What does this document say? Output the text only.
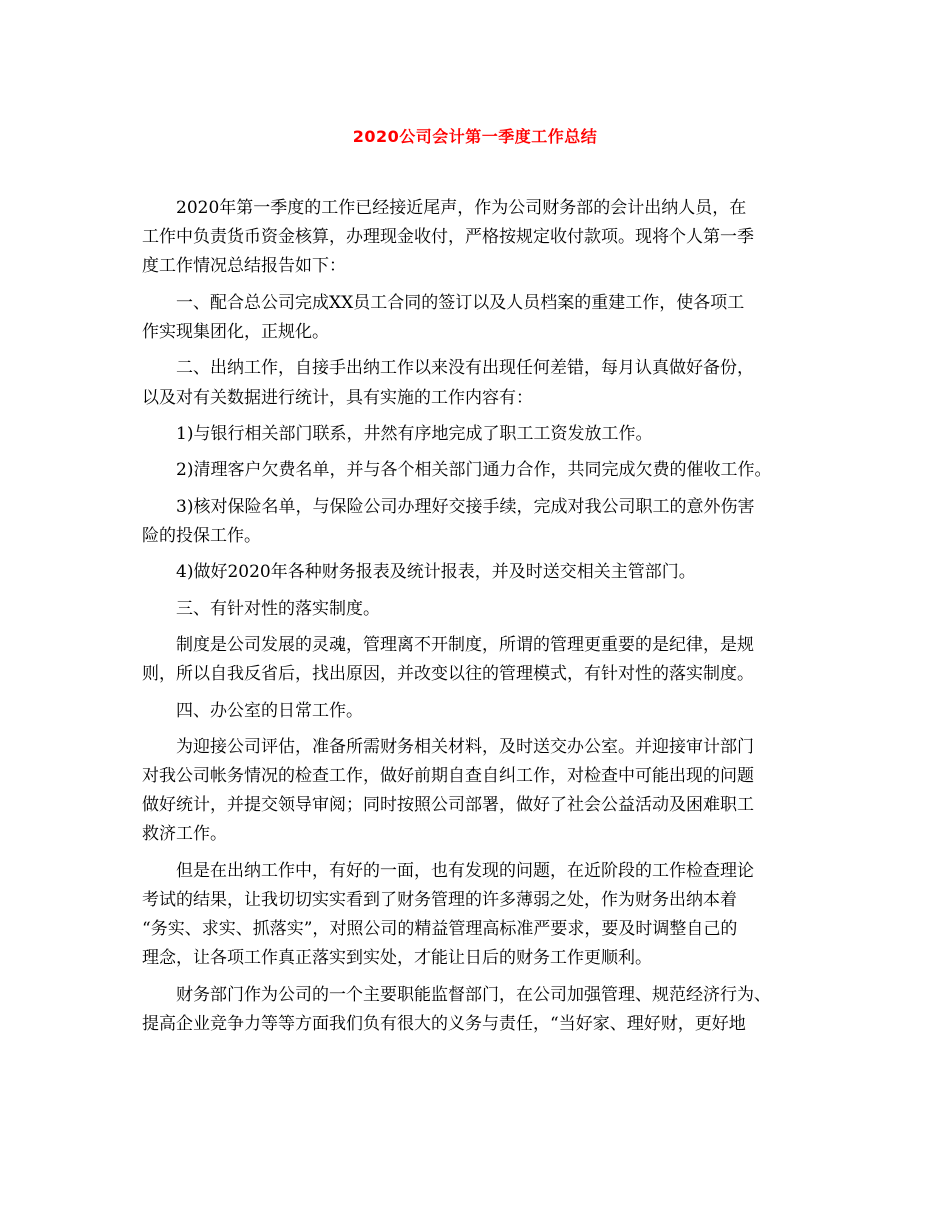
2020公司会计第一季度工作总结
2020年第一季度的工作已经接近尾声，作为公司财务部的会计出纳人员，在
工作中负责货币资金核算，办理现金收付，严格按规定收付款项。现将个人第一季
度工作情况总结报告如下：
一、配合总公司完成XX员工合同的签订以及人员档案的重建工作，使各项工
作实现集团化，正规化。
二、出纳工作，自接手出纳工作以来没有出现任何差错，每月认真做好备份，
以及对有关数据进行统计，具有实施的工作内容有：
1)与银行相关部门联系，井然有序地完成了职工工资发放工作。
2)清理客户欠费名单，并与各个相关部门通力合作，共同完成欠费的催收工作。
3)核对保险名单，与保险公司办理好交接手续，完成对我公司职工的意外伤害
险的投保工作。
4)做好2020年各种财务报表及统计报表，并及时送交相关主管部门。
三、有针对性的落实制度。
制度是公司发展的灵魂，管理离不开制度，所谓的管理更重要的是纪律，是规
则，所以自我反省后，找出原因，并改变以往的管理模式，有针对性的落实制度。
四、办公室的日常工作。
为迎接公司评估，准备所需财务相关材料，及时送交办公室。并迎接审计部门
对我公司帐务情况的检查工作，做好前期自查自纠工作，对检查中可能出现的问题
做好统计，并提交领导审阅；同时按照公司部署，做好了社会公益活动及困难职工
救济工作。
但是在出纳工作中，有好的一面，也有发现的问题，在近阶段的工作检查理论
考试的结果，让我切切实实看到了财务管理的许多薄弱之处，作为财务出纳本着
“务实、求实、抓落实”，对照公司的精益管理高标准严要求，要及时调整自己的
理念，让各项工作真正落实到实处，才能让日后的财务工作更顺利。
财务部门作为公司的一个主要职能监督部门，在公司加强管理、规范经济行为、
提高企业竞争力等等方面我们负有很大的义务与责任，“当好家、理好财，更好地
